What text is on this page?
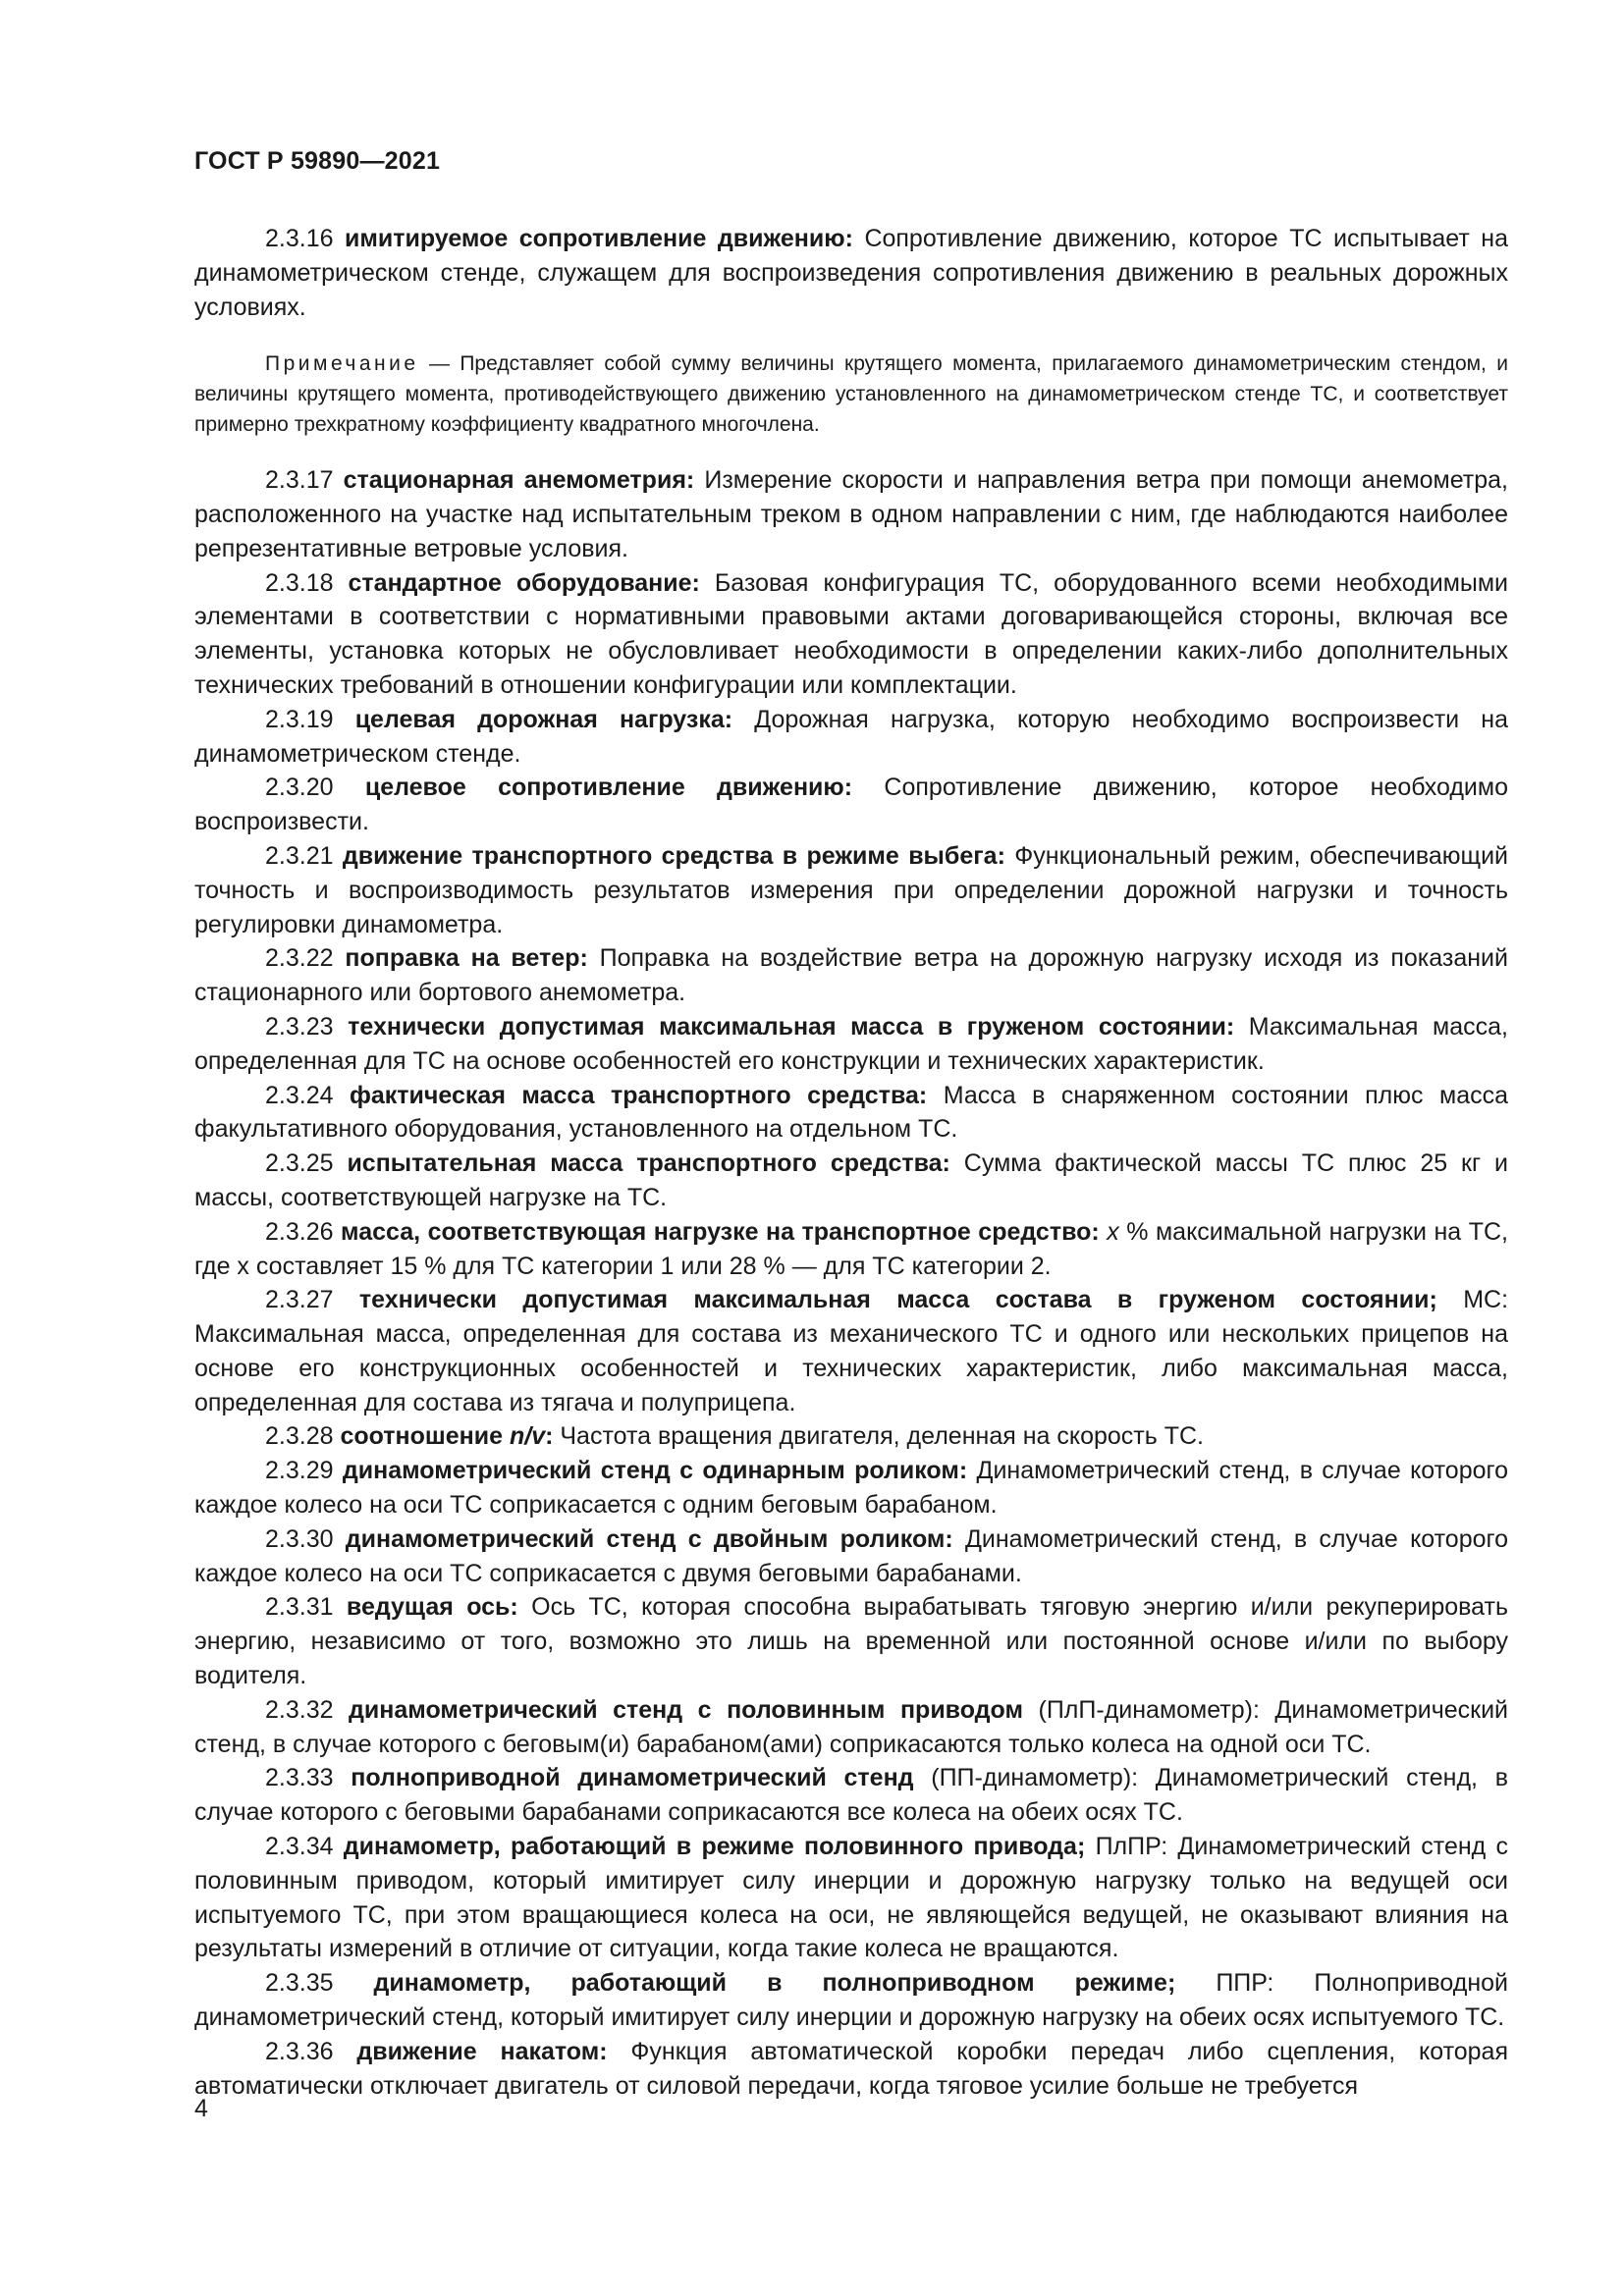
ГОСТ Р 59890—2021

2.3.16 имитируемое сопротивление движению: Сопротивление движению, которое ТС испытывает на динамометрическом стенде, служащем для воспроизведения сопротивления движению в реальных дорожных условиях.

Примечание — Представляет собой сумму величины крутящего момента, прилагаемого динамометрическим стендом, и величины крутящего момента, противодействующего движению установленного на динамометрическом стенде ТС, и соответствует примерно трехкратному коэффициенту квадратного многочлена.

2.3.17 стационарная анемометрия: Измерение скорости и направления ветра при помощи анемометра, расположенного на участке над испытательным треком в одном направлении с ним, где наблюдаются наиболее репрезентативные ветровые условия.

2.3.18 стандартное оборудование: Базовая конфигурация ТС, оборудованного всеми необходимыми элементами в соответствии с нормативными правовыми актами договаривающейся стороны, включая все элементы, установка которых не обусловливает необходимости в определении каких-либо дополнительных технических требований в отношении конфигурации или комплектации.

2.3.19 целевая дорожная нагрузка: Дорожная нагрузка, которую необходимо воспроизвести на динамометрическом стенде.

2.3.20 целевое сопротивление движению: Сопротивление движению, которое необходимо воспроизвести.

2.3.21 движение транспортного средства в режиме выбега: Функциональный режим, обеспечивающий точность и воспроизводимость результатов измерения при определении дорожной нагрузки и точность регулировки динамометра.

2.3.22 поправка на ветер: Поправка на воздействие ветра на дорожную нагрузку исходя из показаний стационарного или бортового анемометра.

2.3.23 технически допустимая максимальная масса в груженом состоянии: Максимальная масса, определенная для ТС на основе особенностей его конструкции и технических характеристик.

2.3.24 фактическая масса транспортного средства: Масса в снаряженном состоянии плюс масса факультативного оборудования, установленного на отдельном ТС.

2.3.25 испытательная масса транспортного средства: Сумма фактической массы ТС плюс 25 кг и массы, соответствующей нагрузке на ТС.

2.3.26 масса, соответствующая нагрузке на транспортное средство: x % максимальной нагрузки на ТС, где x составляет 15 % для ТС категории 1 или 28 % — для ТС категории 2.

2.3.27 технически допустимая максимальная масса состава в груженом состоянии; МС: Максимальная масса, определенная для состава из механического ТС и одного или нескольких прицепов на основе его конструкционных особенностей и технических характеристик, либо максимальная масса, определенная для состава из тягача и полуприцепа.

2.3.28 соотношение n/v: Частота вращения двигателя, деленная на скорость ТС.

2.3.29 динамометрический стенд с одинарным роликом: Динамометрический стенд, в случае которого каждое колесо на оси ТС соприкасается с одним беговым барабаном.

2.3.30 динамометрический стенд с двойным роликом: Динамометрический стенд, в случае которого каждое колесо на оси ТС соприкасается с двумя беговыми барабанами.

2.3.31 ведущая ось: Ось ТС, которая способна вырабатывать тяговую энергию и/или рекуперировать энергию, независимо от того, возможно это лишь на временной или постоянной основе и/или по выбору водителя.

2.3.32 динамометрический стенд с половинным приводом (ПлП-динамометр): Динамометрический стенд, в случае которого с беговым(и) барабаном(ами) соприкасаются только колеса на одной оси ТС.

2.3.33 полноприводной динамометрический стенд (ПП-динамометр): Динамометрический стенд, в случае которого с беговыми барабанами соприкасаются все колеса на обеих осях ТС.

2.3.34 динамометр, работающий в режиме половинного привода; ПлПР: Динамометрический стенд с половинным приводом, который имитирует силу инерции и дорожную нагрузку только на ведущей оси испытуемого ТС, при этом вращающиеся колеса на оси, не являющейся ведущей, не оказывают влияния на результаты измерений в отличие от ситуации, когда такие колеса не вращаются.

2.3.35 динамометр, работающий в полноприводном режиме; ППР: Полноприводной динамометрический стенд, который имитирует силу инерции и дорожную нагрузку на обеих осях испытуемого ТС.

2.3.36 движение накатом: Функция автоматической коробки передач либо сцепления, которая автоматически отключает двигатель от силовой передачи, когда тяговое усилие больше не требуется

4
